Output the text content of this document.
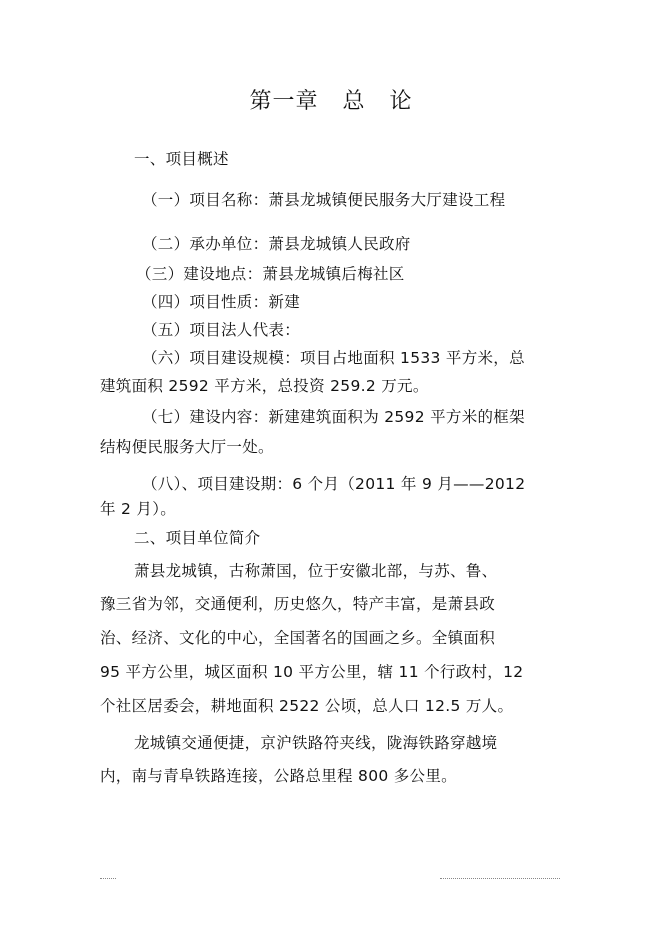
第一章   总   论
一、项目概述
（一）项目名称：萧县龙城镇便民服务大厅建设工程
（二）承办单位：萧县龙城镇人民政府
（三）建设地点：萧县龙城镇后梅社区
（四）项目性质：新建
（五）项目法人代表：
（六）项目建设规模：项目占地面积 1533 平方米，总
建筑面积 2592 平方米，总投资 259.2 万元。
（七）建设内容：新建建筑面积为 2592 平方米的框架
结构便民服务大厅一处。
（八）、项目建设期：6 个月（2011 年 9 月——2012
年 2 月）。
二、项目单位简介
萧县龙城镇，古称萧国，位于安徽北部，与苏、鲁、
豫三省为邻，交通便利，历史悠久，特产丰富，是萧县政
治、经济、文化的中心，全国著名的国画之乡。全镇面积
95 平方公里，城区面积 10 平方公里，辖 11 个行政村，12
个社区居委会，耕地面积 2522 公顷，总人口 12.5 万人。
龙城镇交通便捷，京沪铁路符夹线，陇海铁路穿越境
内，南与青阜铁路连接，公路总里程 800 多公里。
